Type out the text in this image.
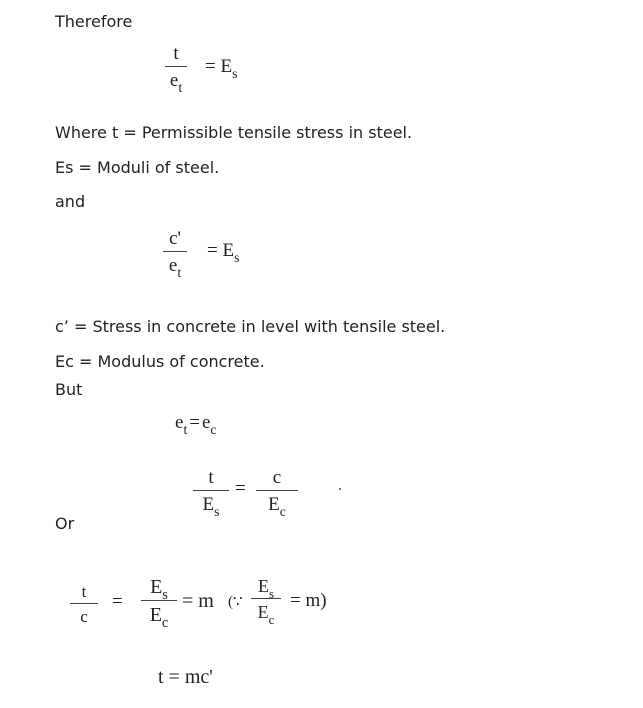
Therefore
t
$e_t$
= $E_s$
Where t = Permissible tensile stress in steel.
Es = Moduli of steel.
and
c'
$e_t$
= $E_s$
c’ = Stress in concrete in level with tensile steel.
Ec = Modulus of concrete.
But
$e_t = e_c$
t
$E_s$
=
c
$E_c$
Or
t
c
=
$E_s$
$E_c$
= m (∵
$E_s$
$E_c$
= m)
t = mc'
